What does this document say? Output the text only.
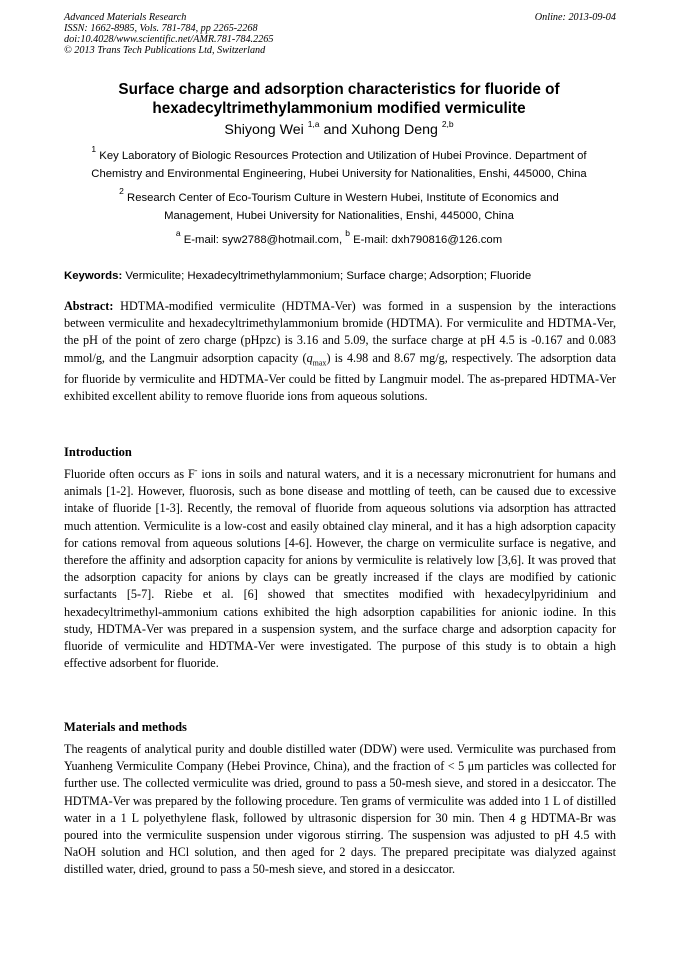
Advanced Materials Research
ISSN: 1662-8985, Vols. 781-784, pp 2265-2268
doi:10.4028/www.scientific.net/AMR.781-784.2265
© 2013 Trans Tech Publications Ltd, Switzerland
Online: 2013-09-04
Surface charge and adsorption characteristics for fluoride of
hexadecyltrimethylammonium modified vermiculite
Shiyong Wei $^{1,a}$ and Xuhong Deng $^{2,b}$
$^1$ Key Laboratory of Biologic Resources Protection and Utilization of Hubei Province. Department of
Chemistry and Environmental Engineering, Hubei University for Nationalities, Enshi, 445000, China
$^2$ Research Center of Eco-Tourism Culture in Western Hubei, Institute of Economics and
Management, Hubei University for Nationalities, Enshi, 445000, China
$^a$ E-mail: syw2788@hotmail.com, $^b$ E-mail: dxh790816@126.com
Keywords: Vermiculite; Hexadecyltrimethylammonium; Surface charge; Adsorption; Fluoride
Abstract: HDTMA-modified vermiculite (HDTMA-Ver) was formed in a suspension by the interactions between vermiculite and hexadecyltrimethylammonium bromide (HDTMA). For vermiculite and HDTMA-Ver, the pH of the point of zero charge (pHpzc) is 3.16 and 5.09, the surface charge at pH 4.5 is -0.167 and 0.083 mmol/g, and the Langmuir adsorption capacity $(q_{max})$ is 4.98 and 8.67 mg/g, respectively. The adsorption data for fluoride by vermiculite and HDTMA-Ver could be fitted by Langmuir model. The as-prepared HDTMA-Ver exhibited excellent ability to remove fluoride ions from aqueous solutions.
Introduction
Fluoride often occurs as F- ions in soils and natural waters, and it is a necessary micronutrient for humans and animals [1-2]. However, fluorosis, such as bone disease and mottling of teeth, can be caused due to excessive intake of fluoride [1-3]. Recently, the removal of fluoride from aqueous solutions via adsorption has attracted much attention. Vermiculite is a low-cost and easily obtained clay mineral, and it has a high adsorption capacity for cations removal from aqueous solutions [4-6]. However, the charge on vermiculite surface is negative, and therefore the affinity and adsorption capacity for anions by vermiculite is relatively low [3,6]. It was proved that the adsorption capacity for anions by clays can be greatly increased if the clays are modified by cationic surfactants [5-7]. Riebe et al. [6] showed that smectites modified with hexadecylpyridinium and hexadecyltrimethyl-ammonium cations exhibited the high adsorption capabilities for anionic iodine. In this study, HDTMA-Ver was prepared in a suspension system, and the surface charge and adsorption capacity for fluoride of vermiculite and HDTMA-Ver were investigated. The purpose of this study is to obtain a high effective adsorbent for fluoride.
Materials and methods
The reagents of analytical purity and double distilled water (DDW) were used. Vermiculite was purchased from Yuanheng Vermiculite Company (Hebei Province, China), and the fraction of < 5 μm particles was collected for further use. The collected vermiculite was dried, ground to pass a 50-mesh sieve, and stored in a desiccator. The HDTMA-Ver was prepared by the following procedure. Ten grams of vermiculite was added into 1 L of distilled water in a 1 L polyethylene flask, followed by ultrasonic dispersion for 30 min. Then 4 g HDTMA-Br was poured into the vermiculite suspension under vigorous stirring. The suspension was adjusted to pH 4.5 with NaOH solution and HCl solution, and then aged for 2 days. The prepared precipitate was dialyzed against distilled water, dried, ground to pass a 50-mesh sieve, and stored in a desiccator.
